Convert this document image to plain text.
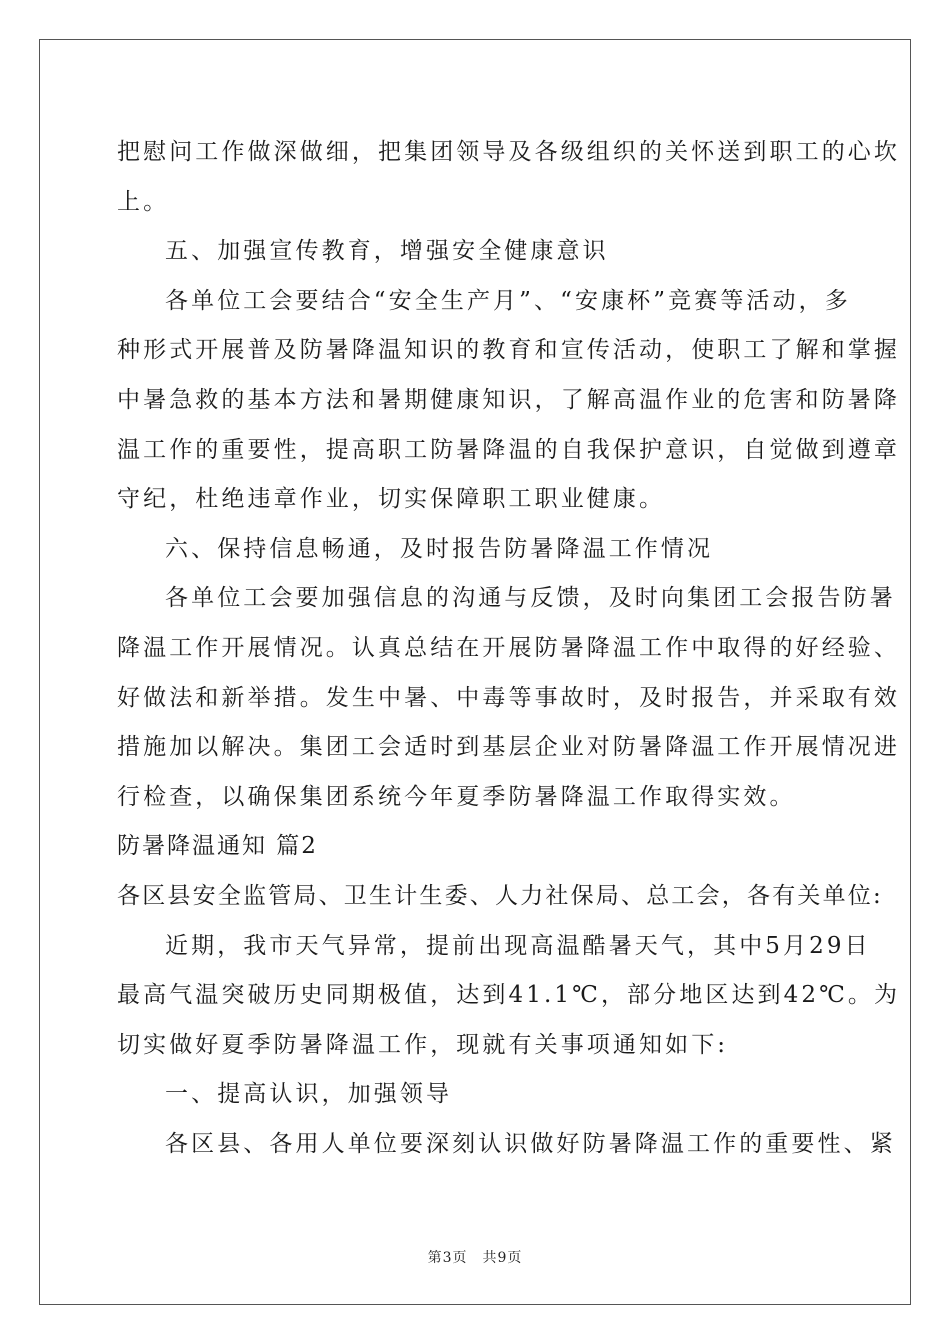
把慰问工作做深做细，把集团领导及各级组织的关怀送到职工的心坎

上。

五、加强宣传教育，增强安全健康意识

各单位工会要结合“安全生产月”、“安康杯”竞赛等活动，多

种形式开展普及防暑降温知识的教育和宣传活动，使职工了解和掌握

中暑急救的基本方法和暑期健康知识，了解高温作业的危害和防暑降

温工作的重要性，提高职工防暑降温的自我保护意识，自觉做到遵章

守纪，杜绝违章作业，切实保障职工职业健康。

六、保持信息畅通，及时报告防暑降温工作情况

各单位工会要加强信息的沟通与反馈，及时向集团工会报告防暑

降温工作开展情况。认真总结在开展防暑降温工作中取得的好经验、

好做法和新举措。发生中暑、中毒等事故时，及时报告，并采取有效

措施加以解决。集团工会适时到基层企业对防暑降温工作开展情况进

行检查，以确保集团系统今年夏季防暑降温工作取得实效。

防暑降温通知 篇2

各区县安全监管局、卫生计生委、人力社保局、总工会，各有关单位:

近期，我市天气异常，提前出现高温酷暑天气，其中5月29日

最高气温突破历史同期极值，达到41.1℃，部分地区达到42℃。为

切实做好夏季防暑降温工作，现就有关事项通知如下:

一、提高认识，加强领导

各区县、各用人单位要深刻认识做好防暑降温工作的重要性、紧

第3页　共9页
